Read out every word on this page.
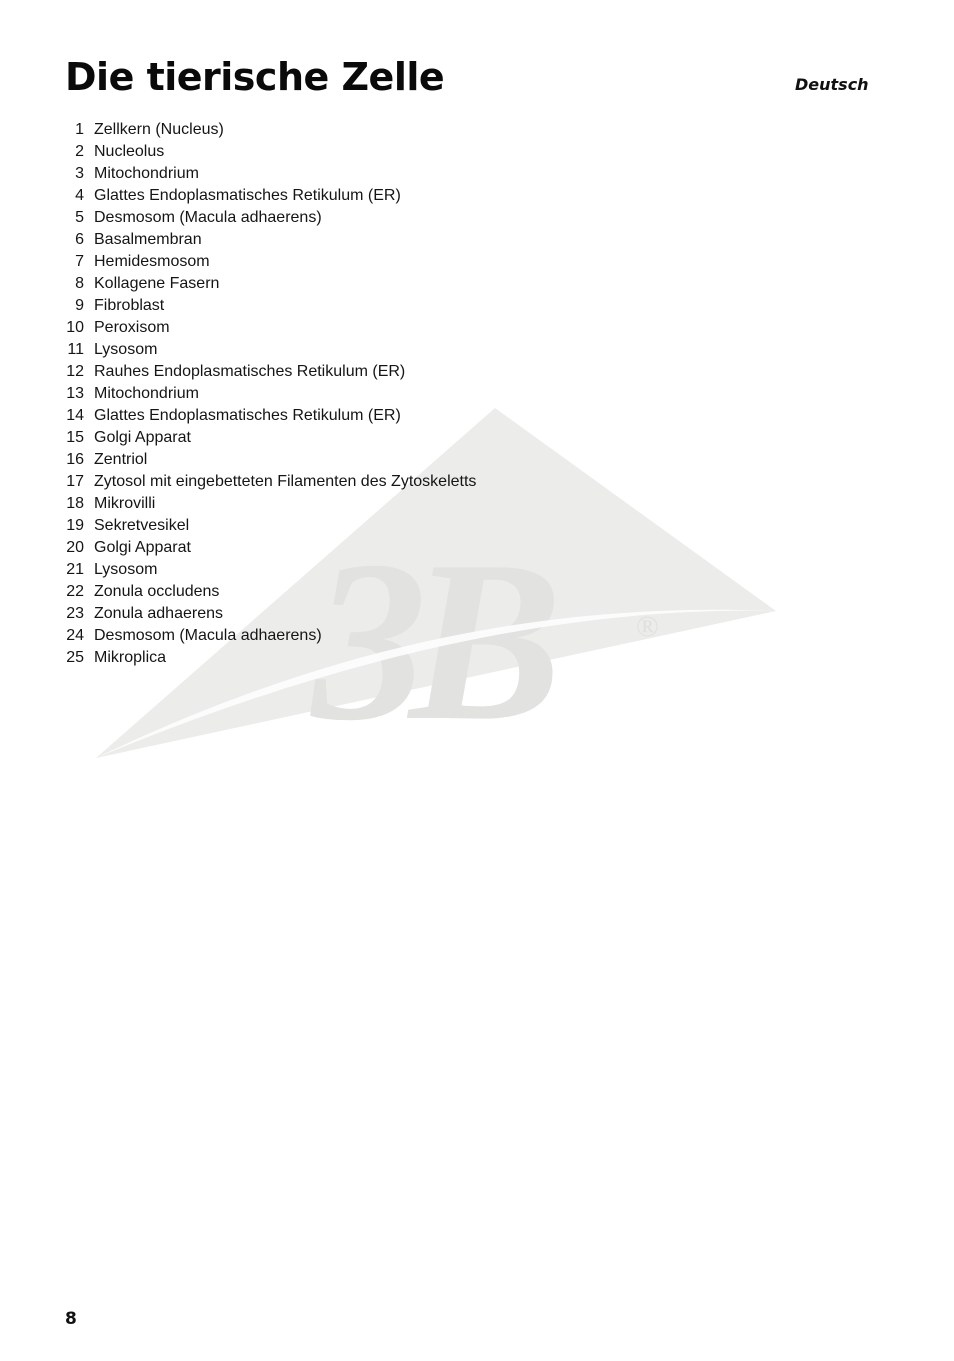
3B	®
Die tierische Zelle	Deutsch
1 Zellkern (Nucleus)
2 Nucleolus
3 Mitochondrium
4 Glattes Endoplasmatisches Retikulum (ER)
5 Desmosom (Macula adhaerens)
6 Basalmembran
7 Hemidesmosom
8 Kollagene Fasern
9 Fibroblast
10 Peroxisom
11 Lysosom
12 Rauhes Endoplasmatisches Retikulum (ER)
13 Mitochondrium
14 Glattes Endoplasmatisches Retikulum (ER)
15 Golgi Apparat
16 Zentriol
17 Zytosol mit eingebetteten Filamenten des Zytoskeletts
18 Mikrovilli
19 Sekretvesikel
20 Golgi Apparat
21 Lysosom
22 Zonula occludens
23 Zonula adhaerens
24 Desmosom (Macula adhaerens)
25 Mikroplica
8
